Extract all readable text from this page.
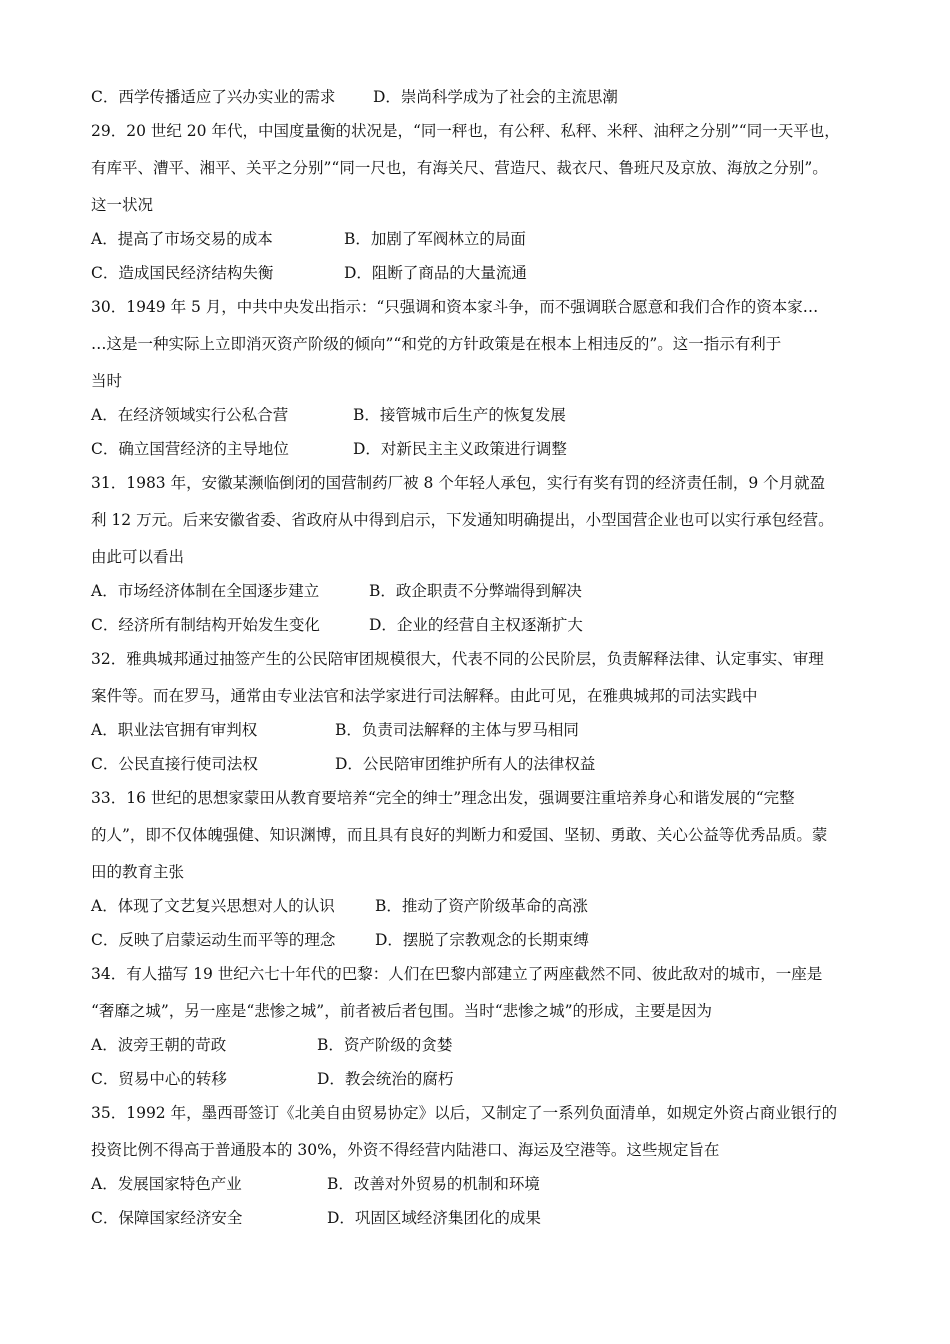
C．西学传播适应了兴办实业的需求	D．崇尚科学成为了社会的主流思潮
29．20 世纪 20 年代，中国度量衡的状况是，“同一秤也，有公秤、私秤、米秤、油秤之分别”“同一天平也，
有库平、漕平、湘平、关平之分别”“同一尺也，有海关尺、营造尺、裁衣尺、鲁班尺及京放、海放之分别”。
这一状况
A．提高了市场交易的成本	B．加剧了军阀林立的局面
C．造成国民经济结构失衡	D．阻断了商品的大量流通
30．1949 年 5 月，中共中央发出指示：“只强调和资本家斗争，而不强调联合愿意和我们合作的资本家…
…这是一种实际上立即消灭资产阶级的倾向”“和党的方针政策是在根本上相违反的”。这一指示有利于
当时
A．在经济领域实行公私合营	B．接管城市后生产的恢复发展
C．确立国营经济的主导地位	D．对新民主主义政策进行调整
31．1983 年，安徽某濒临倒闭的国营制药厂被 8 个年轻人承包，实行有奖有罚的经济责任制，9 个月就盈
利 12 万元。后来安徽省委、省政府从中得到启示，下发通知明确提出，小型国营企业也可以实行承包经营。
由此可以看出
A．市场经济体制在全国逐步建立	B．政企职责不分弊端得到解决
C．经济所有制结构开始发生变化	D．企业的经营自主权逐渐扩大
32．雅典城邦通过抽签产生的公民陪审团规模很大，代表不同的公民阶层，负责解释法律、认定事实、审理
案件等。而在罗马，通常由专业法官和法学家进行司法解释。由此可见，在雅典城邦的司法实践中
A．职业法官拥有审判权	B．负责司法解释的主体与罗马相同
C．公民直接行使司法权	D．公民陪审团维护所有人的法律权益
33．16 世纪的思想家蒙田从教育要培养“完全的绅士”理念出发，强调要注重培养身心和谐发展的“完整
的人”，即不仅体魄强健、知识渊博，而且具有良好的判断力和爱国、坚韧、勇敢、关心公益等优秀品质。蒙
田的教育主张
A．体现了文艺复兴思想对人的认识	B．推动了资产阶级革命的高涨
C．反映了启蒙运动生而平等的理念	D．摆脱了宗教观念的长期束缚
34．有人描写 19 世纪六七十年代的巴黎：人们在巴黎内部建立了两座截然不同、彼此敌对的城市，一座是
“奢靡之城”，另一座是“悲惨之城”，前者被后者包围。当时“悲惨之城”的形成，主要是因为
A．波旁王朝的苛政	B．资产阶级的贪婪
C．贸易中心的转移	D．教会统治的腐朽
35．1992 年，墨西哥签订《北美自由贸易协定》以后，又制定了一系列负面清单，如规定外资占商业银行的
投资比例不得高于普通股本的 30%，外资不得经营内陆港口、海运及空港等。这些规定旨在
A．发展国家特色产业	B．改善对外贸易的机制和环境
C．保障国家经济安全	D．巩固区域经济集团化的成果
